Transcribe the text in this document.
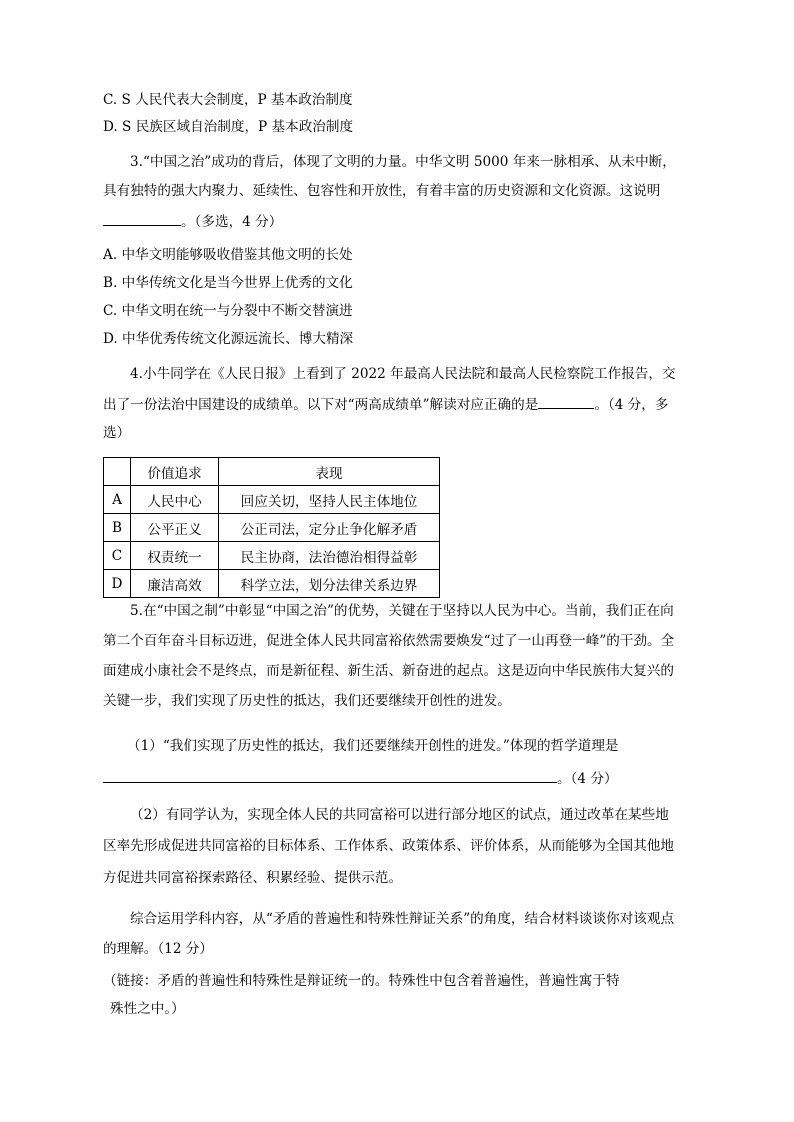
C. S 人民代表大会制度，P 基本政治制度
D. S 民族区域自治制度，P 基本政治制度
3.“中国之治”成功的背后，体现了文明的力量。中华文明 5000 年来一脉相承、从未中断，
具有独特的强大内聚力、延续性、包容性和开放性，有着丰富的历史资源和文化资源。这说明
。（多选，4 分）
A. 中华文明能够吸收借鉴其他文明的长处
B. 中华传统文化是当今世界上优秀的文化
C. 中华文明在统一与分裂中不断交替演进
D. 中华优秀传统文化源远流长、博大精深
4.小牛同学在《人民日报》上看到了 2022 年最高人民法院和最高人民检察院工作报告，交
出了一份法治中国建设的成绩单。以下对“两高成绩单”解读对应正确的是	。（4 分，多
选）
	价值追求	表现
A	人民中心	回应关切，坚持人民主体地位
B	公平正义	公正司法，定分止争化解矛盾
C	权责统一	民主协商，法治德治相得益彰
D	廉洁高效	科学立法，划分法律关系边界
5.在“中国之制”中彰显“中国之治”的优势，关键在于坚持以人民为中心。当前，我们正在向
第二个百年奋斗目标迈进，促进全体人民共同富裕依然需要焕发“过了一山再登一峰”的干劲。全
面建成小康社会不是终点，而是新征程、新生活、新奋进的起点。这是迈向中华民族伟大复兴的
关键一步，我们实现了历史性的抵达，我们还要继续开创性的进发。
（1）“我们实现了历史性的抵达，我们还要继续开创性的进发。”体现的哲学道理是
。（4 分）
（2）有同学认为，实现全体人民的共同富裕可以进行部分地区的试点，通过改革在某些地
区率先形成促进共同富裕的目标体系、工作体系、政策体系、评价体系，从而能够为全国其他地
方促进共同富裕探索路径、积累经验、提供示范。
综合运用学科内容，从“矛盾的普遍性和特殊性辩证关系”的角度，结合材料谈谈你对该观点
的理解。（12 分）
（链接：矛盾的普遍性和特殊性是辩证统一的。特殊性中包含着普遍性，普遍性寓于特
殊性之中。）
